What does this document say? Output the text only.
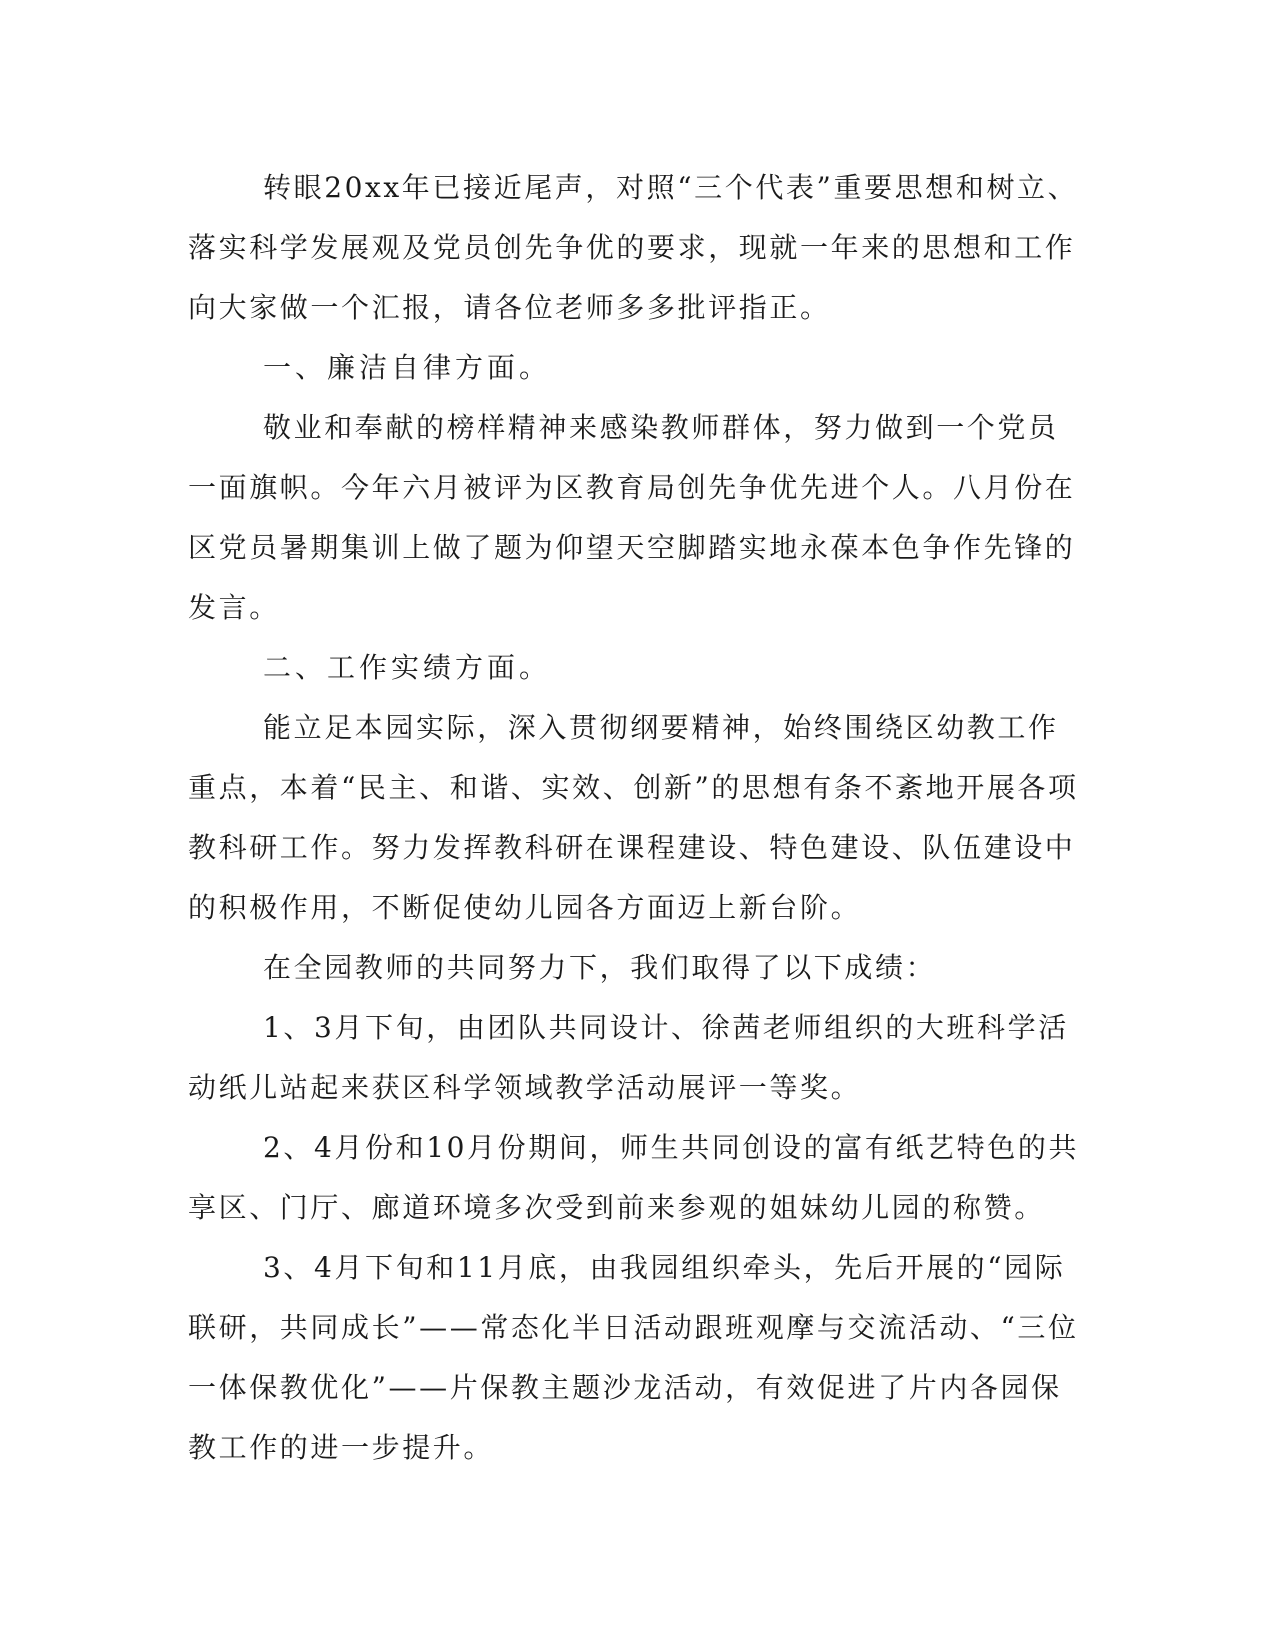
转眼20xx年已接近尾声，对照“三个代表”重要思想和树立、落实科学发展观及党员创先争优的要求，现就一年来的思想和工作向大家做一个汇报，请各位老师多多批评指正。

一、廉洁自律方面。

敬业和奉献的榜样精神来感染教师群体，努力做到一个党员一面旗帜。今年六月被评为区教育局创先争优先进个人。八月份在区党员暑期集训上做了题为仰望天空脚踏实地永葆本色争作先锋的发言。

二、工作实绩方面。

能立足本园实际，深入贯彻纲要精神，始终围绕区幼教工作重点，本着“民主、和谐、实效、创新”的思想有条不紊地开展各项教科研工作。努力发挥教科研在课程建设、特色建设、队伍建设中的积极作用，不断促使幼儿园各方面迈上新台阶。

在全园教师的共同努力下，我们取得了以下成绩：

1、3月下旬，由团队共同设计、徐茜老师组织的大班科学活动纸儿站起来获区科学领域教学活动展评一等奖。

2、4月份和10月份期间，师生共同创设的富有纸艺特色的共享区、门厅、廊道环境多次受到前来参观的姐妹幼儿园的称赞。

3、4月下旬和11月底，由我园组织牵头，先后开展的“园际联研，共同成长”——常态化半日活动跟班观摩与交流活动、“三位一体保教优化”——片保教主题沙龙活动，有效促进了片内各园保教工作的进一步提升。
